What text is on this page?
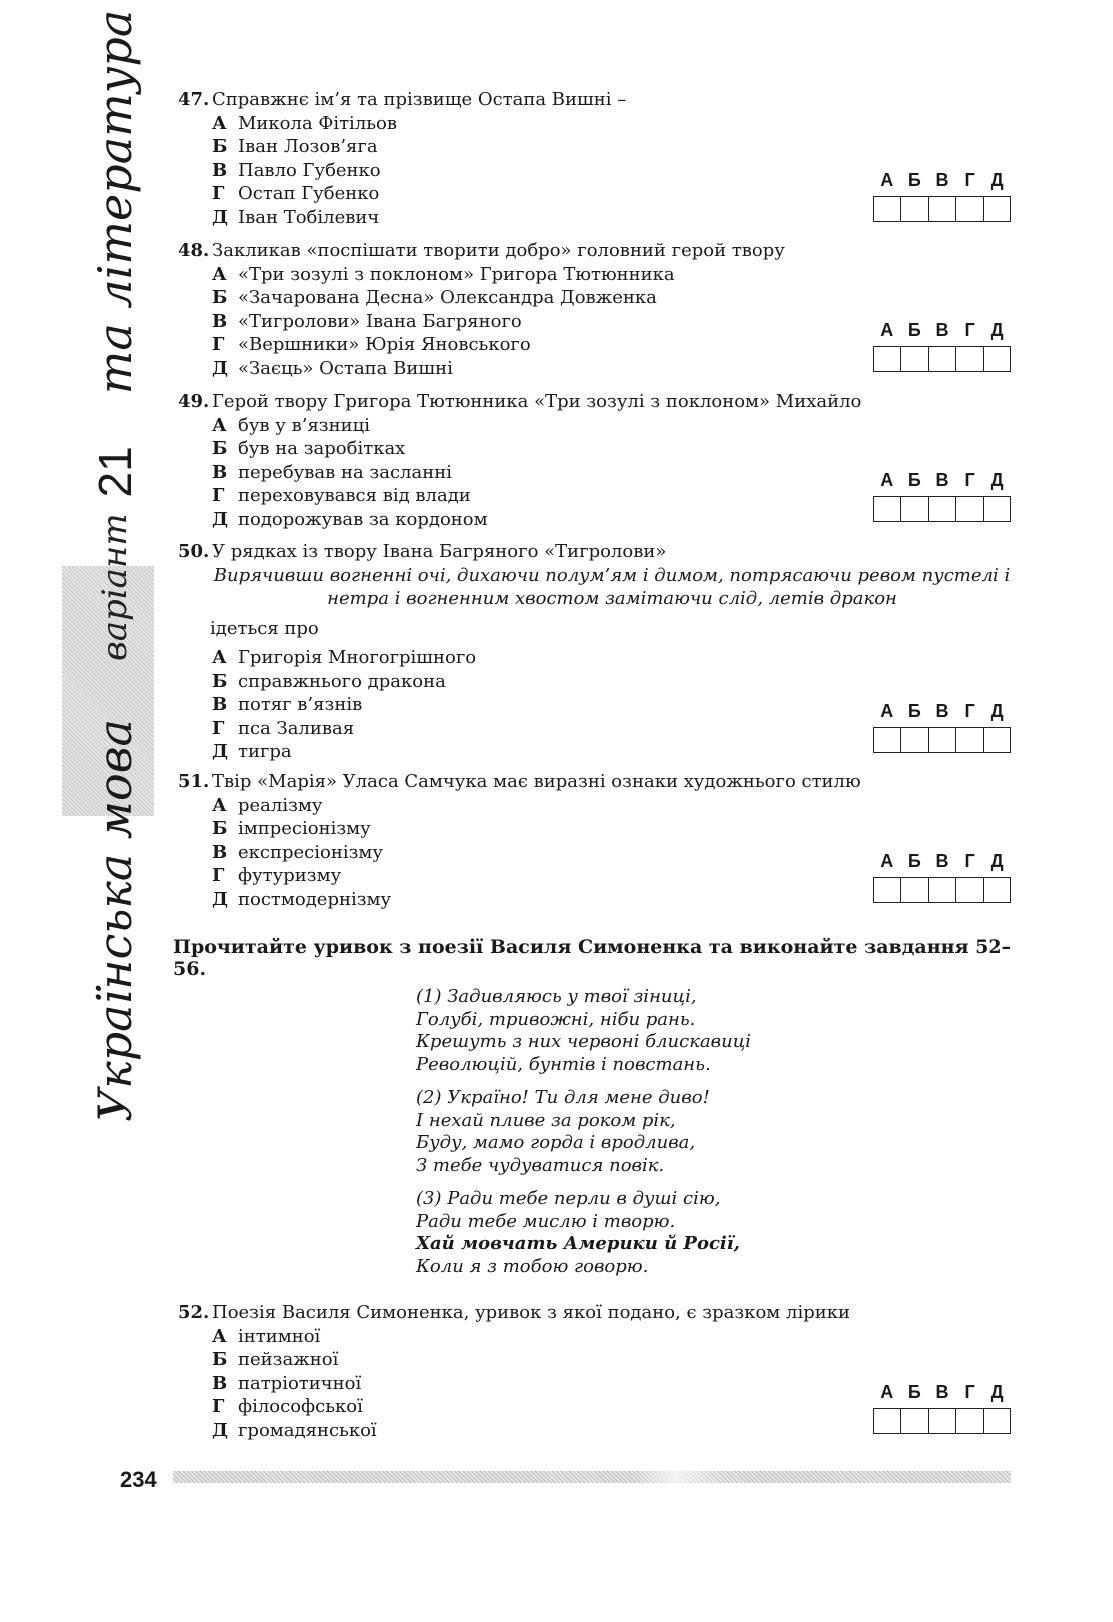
Українська мова
варіант
21
та література 47. Справжнє ім’я та прізвище Остапа Вишні –
А Микола Фітільов
Б Іван Лозов’яга
В Павло Губенко
Г Остап Губенко
Д Іван Тобілевич
А Б В Г Д
48. Закликав «поспішати творити добро» головний герой твору
А «Три зозулі з поклоном» Григора Тютюнника
Б «Зачарована Десна» Олександра Довженка
В «Тигролови» Івана Багряного
Г «Вершники» Юрія Яновського
Д «Заєць» Остапа Вишні
А Б В Г Д
49. Герой твору Григора Тютюнника «Три зозулі з поклоном» Михайло
А був у в’язниці
Б був на заробітках
В перебував на засланні
Г переховувався від влади
Д подорожував за кордоном
А Б В Г Д
50. У рядках із твору Івана Багряного «Тигролови»
Вирячивши вогненні очі, дихаючи полум’ям і димом, потрясаючи ревом пустелі і
нетра і вогненним хвостом замітаючи слід, летів дракон
ідеться про
А Григорія Многогрішного
Б справжнього дракона
В потяг в’язнів
Г пса Заливая
Д тигра
А Б В Г Д
51. Твір «Марія» Уласа Самчука має виразні ознаки художнього стилю
А реалізму
Б імпресіонізму
В експресіонізму
Г футуризму
Д постмодернізму
А Б В Г Д
Прочитайте уривок з поезії Василя Симоненка та виконайте завдання 52–56.
(1) Задивляюсь у твої зіниці,
Голубі, тривожні, ніби рань.
Крешуть з них червоні блискавиці
Революцій, бунтів і повстань.
(2) Україно! Ти для мене диво!
І нехай пливе за роком рік,
Буду, мамо горда і вродлива,
З тебе чудуватися повік.
(3) Ради тебе перли в душі сію,
Ради тебе мислю і творю.
Хай мовчать Америки й Росії,
Коли я з тобою говорю.
52. Поезія Василя Симоненка, уривок з якої подано, є зразком лірики
А інтимної
Б пейзажної
В патріотичної
Г філософської
Д громадянської
А Б В Г Д
234
